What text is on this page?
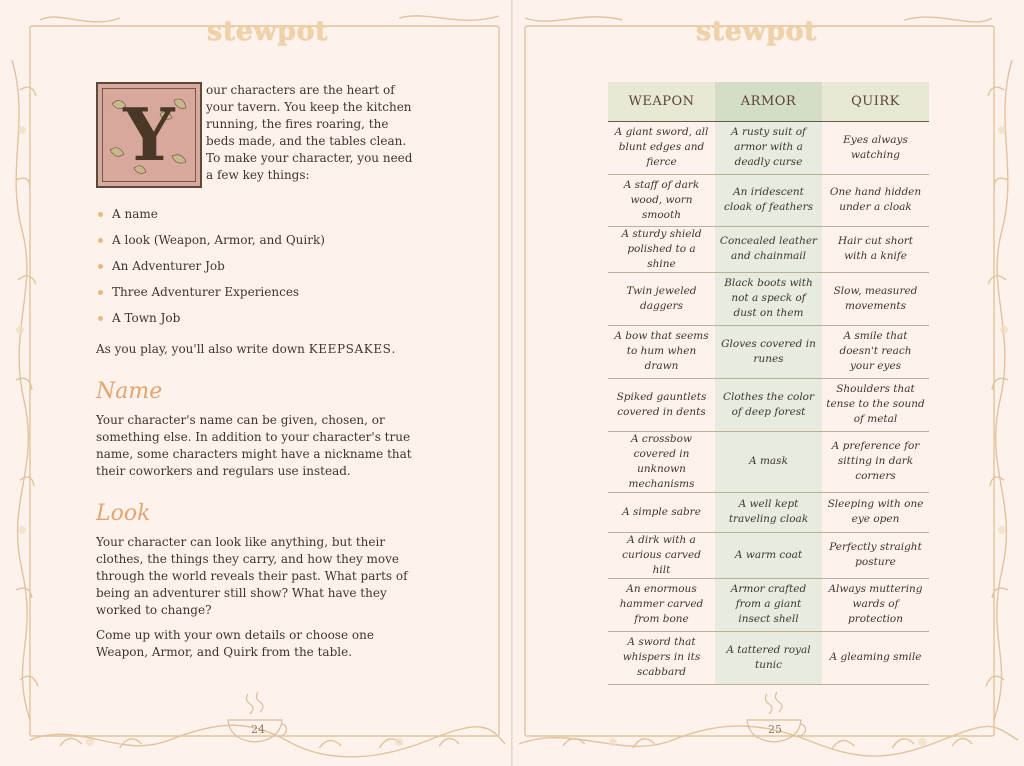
stewpot
Y
our characters are the heart of your tavern. You keep the kitchen running, the fires roaring, the beds made, and the tables clean. To make your character, you need a few key things:
A name
A look (Weapon, Armor, and Quirk)
An Adventurer Job
Three Adventurer Experiences
A Town Job

As you play, you'll also write down KEEPSAKES.

Name

Your character's name can be given, chosen, or something else. In addition to your character's true name, some characters might have a nickname that their coworkers and regulars use instead.

Look

Your character can look like anything, but their clothes, the things they carry, and how they move through the world reveals their past. What parts of being an adventurer still show? What have they worked to change?

Come up with your own details or choose one Weapon, Armor, and Quirk from the table.

24
stewpot
25
WEAPON	ARMOR	QUIRK
A giant sword, all blunt edges and fierce	A rusty suit of armor with a deadly curse	Eyes always watching
A staff of dark wood, worn smooth	An iridescent cloak of feathers	One hand hidden under a cloak
A sturdy shield polished to a shine	Concealed leather and chainmail	Hair cut short with a knife
Twin jeweled daggers	Black boots with not a speck of dust on them	Slow, measured movements
A bow that seems to hum when drawn	Gloves covered in runes	A smile that doesn't reach your eyes
Spiked gauntlets covered in dents	Clothes the color of deep forest	Shoulders that tense to the sound of metal
A crossbow covered in unknown mechanisms	A mask	A preference for sitting in dark corners
A simple sabre	A well kept traveling cloak	Sleeping with one eye open
A dirk with a curious carved hilt	A warm coat	Perfectly straight posture
An enormous hammer carved from bone	Armor crafted from a giant insect shell	Always muttering wards of protection
A sword that whispers in its scabbard	A tattered royal tunic	A gleaming smile
